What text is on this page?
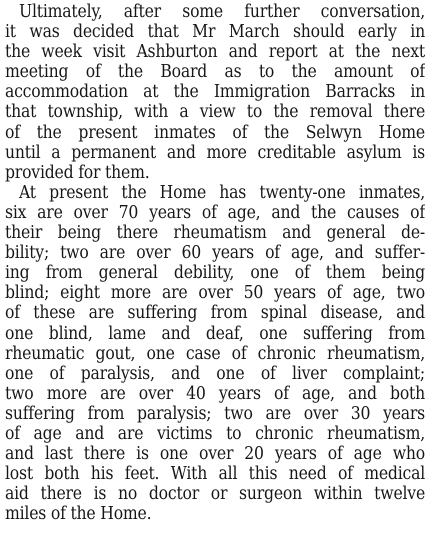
Ultimately, after some further conversation,
it was decided that Mr March should early in
the week visit Ashburton and report at the next
meeting of the Board as to the amount of
accommodation at the Immigration Barracks in
that township, with a view to the removal there
of the present inmates of the Selwyn Home
until a permanent and more creditable asylum is
provided for them.
At present the Home has twenty-one inmates,
six are over 70 years of age, and the causes of
their being there rheumatism and general de-
bility; two are over 60 years of age, and suffer-
ing from general debility, one of them being
blind; eight more are over 50 years of age, two
of these are suffering from spinal disease, and
one blind, lame and deaf, one suffering from
rheumatic gout, one case of chronic rheumatism,
one of paralysis, and one of liver complaint;
two more are over 40 years of age, and both
suffering from paralysis; two are over 30 years
of age and are victims to chronic rheumatism,
and last there is one over 20 years of age who
lost both his feet. With all this need of medical
aid there is no doctor or surgeon within twelve
miles of the Home.
